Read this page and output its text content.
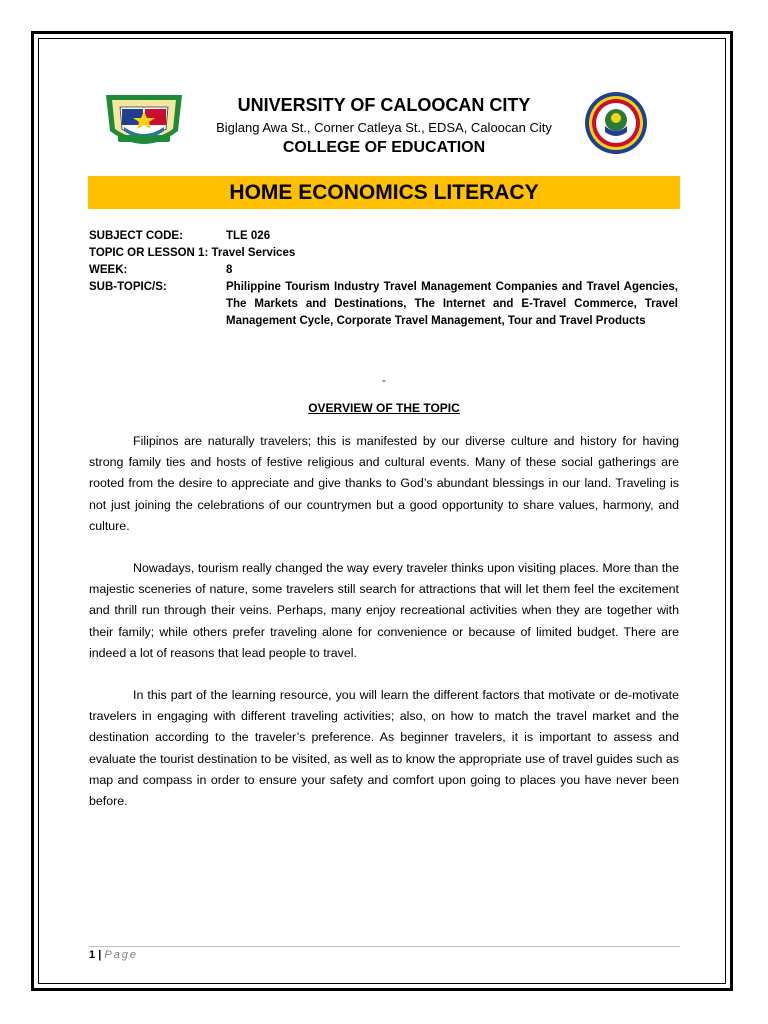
UNIVERSITY OF CALOOCAN CITY
Biglang Awa St., Corner Catleya St., EDSA, Caloocan City
COLLEGE OF EDUCATION
HOME ECONOMICS LITERACY
SUBJECT CODE:	TLE 026
TOPIC OR LESSON 1: Travel Services
WEEK:	8
SUB-TOPIC/S:	Philippine Tourism Industry Travel Management Companies and Travel Agencies, The Markets and Destinations, The Internet and E-Travel Commerce, Travel Management Cycle, Corporate Travel Management, Tour and Travel Products
-
OVERVIEW OF THE TOPIC

Filipinos are naturally travelers; this is manifested by our diverse culture and history for having strong family ties and hosts of festive religious and cultural events. Many of these social gatherings are rooted from the desire to appreciate and give thanks to God’s abundant blessings in our land. Traveling is not just joining the celebrations of our countrymen but a good opportunity to share values, harmony, and culture.

Nowadays, tourism really changed the way every traveler thinks upon visiting places. More than the majestic sceneries of nature, some travelers still search for attractions that will let them feel the excitement and thrill run through their veins. Perhaps, many enjoy recreational activities when they are together with their family; while others prefer traveling alone for convenience or because of limited budget. There are indeed a lot of reasons that lead people to travel.

In this part of the learning resource, you will learn the different factors that motivate or de-motivate travelers in engaging with different traveling activities; also, on how to match the travel market and the destination according to the traveler’s preference. As beginner travelers, it is important to assess and evaluate the tourist destination to be visited, as well as to know the appropriate use of travel guides such as map and compass in order to ensure your safety and comfort upon going to places you have never been before.

1 | Page
